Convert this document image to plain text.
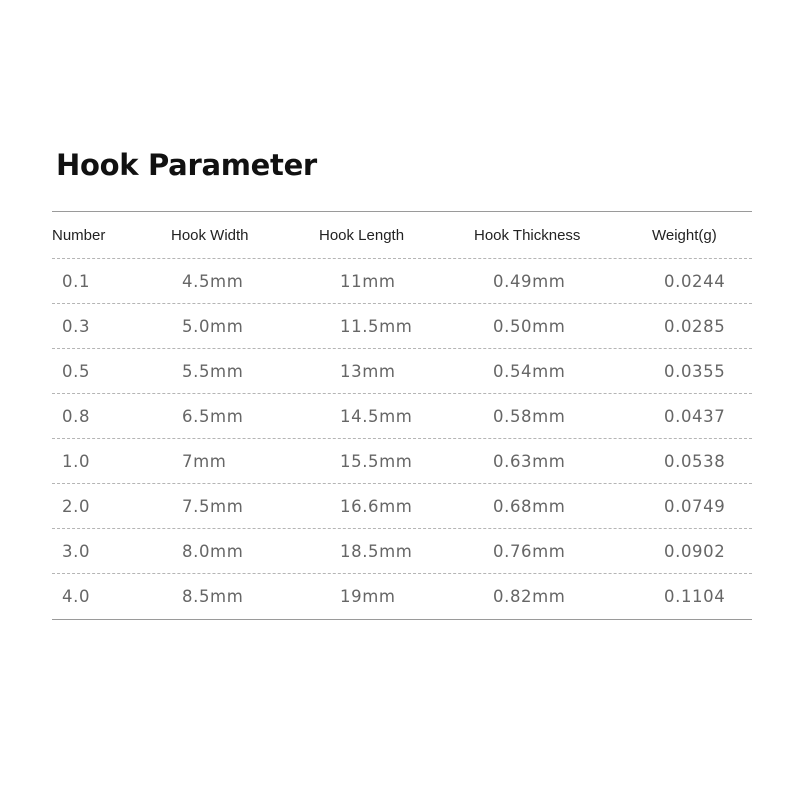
Hook Parameter
Number	Hook Width	Hook Length	Hook Thickness	Weight(g)
0.1	4.5mm	11mm	0.49mm	0.0244
0.3	5.0mm	11.5mm	0.50mm	0.0285
0.5	5.5mm	13mm	0.54mm	0.0355
0.8	6.5mm	14.5mm	0.58mm	0.0437
1.0	7mm	15.5mm	0.63mm	0.0538
2.0	7.5mm	16.6mm	0.68mm	0.0749
3.0	8.0mm	18.5mm	0.76mm	0.0902
4.0	8.5mm	19mm	0.82mm	0.1104
